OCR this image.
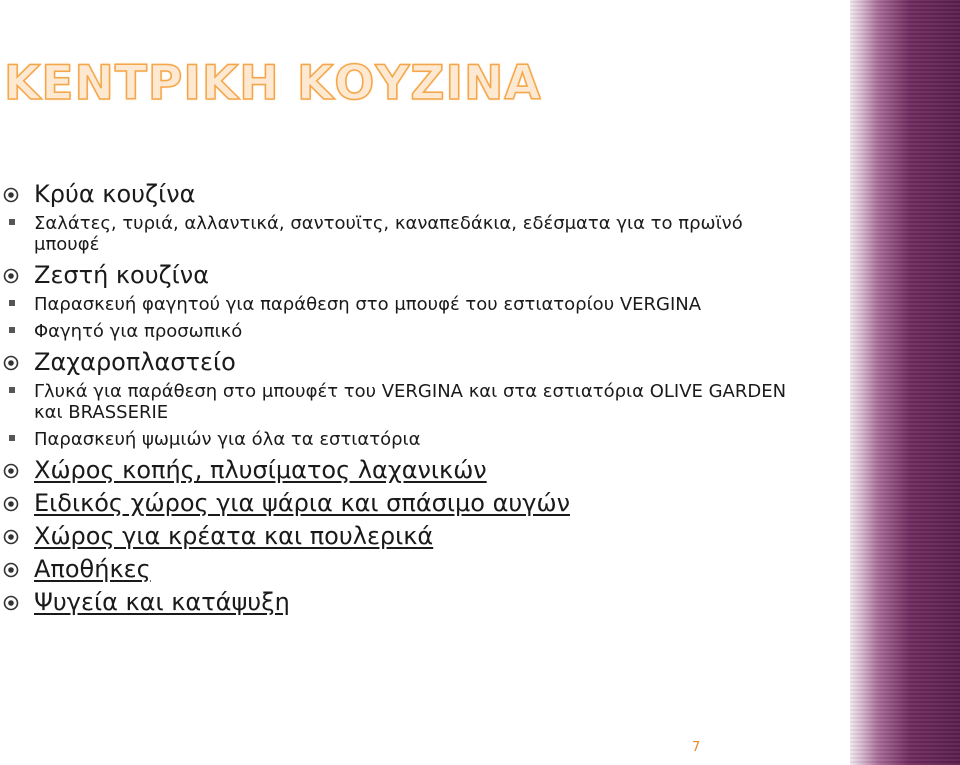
ΚΕΝΤΡΙΚΗ ΚΟΥΖΙΝΑ
Κρύα κουζίνα
Σαλάτες, τυριά, αλλαντικά, σαντουϊτς, καναπεδάκια, εδέσματα για το πρωϊνό μπουφέ
Ζεστή κουζίνα
Παρασκευή φαγητού για παράθεση στο μπουφέ του εστιατορίου VERGINA
Φαγητό για προσωπικό
Ζαχαροπλαστείο
Γλυκά για παράθεση στο μπουφέτ του VERGINA και στα εστιατόρια OLIVE GARDEN και BRASSERIE
Παρασκευή ψωμιών για όλα τα εστιατόρια
Χώρος κοπής, πλυσίματος λαχανικών
Ειδικός χώρος για ψάρια και σπάσιμο αυγών
Χώρος για κρέατα και πουλερικά
Αποθήκες
Ψυγεία και κατάψυξη
7
